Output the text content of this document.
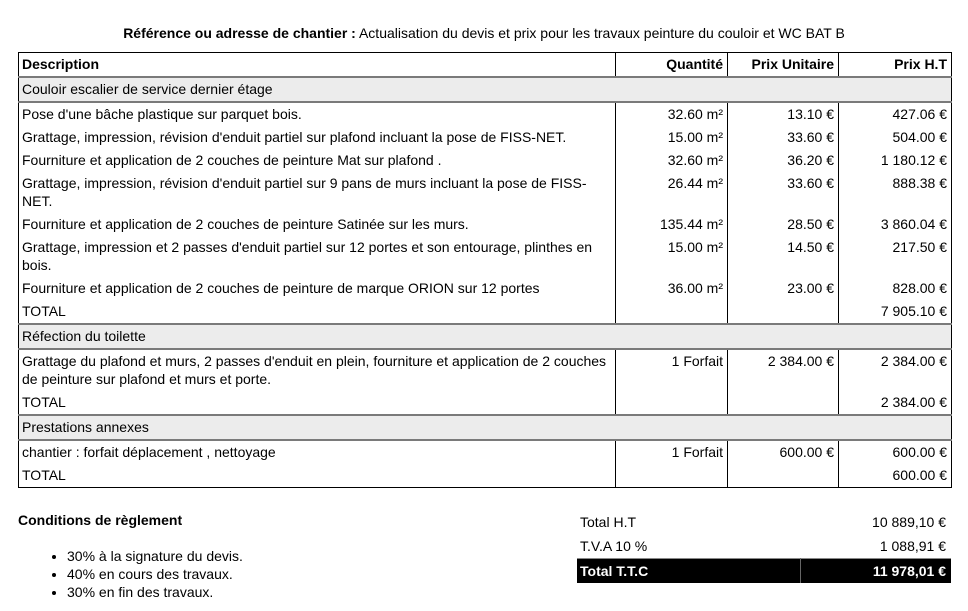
Référence ou adresse de chantier : Actualisation du devis et prix pour les travaux peinture du couloir et WC BAT B
Description	Quantité	Prix Unitaire	Prix H.T
Couloir escalier de service dernier étage			
Pose d'une bâche plastique sur parquet bois.	32.60 m²	13.10 €	427.06 €
Grattage, impression, révision d'enduit partiel sur plafond incluant la pose de FISS-NET.	15.00 m²	33.60 €	504.00 €
Fourniture et application de 2 couches de peinture Mat sur plafond .	32.60 m²	36.20 €	1 180.12 €
Grattage, impression, révision d'enduit partiel sur 9 pans de murs incluant la pose de FISS-NET.	26.44 m²	33.60 €	888.38 €
Fourniture et application de 2 couches de peinture Satinée sur les murs.	135.44 m²	28.50 €	3 860.04 €
Grattage, impression et 2 passes d'enduit partiel sur 12 portes et son entourage, plinthes en bois.	15.00 m²	14.50 €	217.50 €
Fourniture et application de 2 couches de peinture de marque ORION sur 12 portes	36.00 m²	23.00 €	828.00 €
TOTAL			7 905.10 €
Réfection du toilette			
Grattage du plafond et murs, 2 passes d'enduit en plein, fourniture et application de 2 couches de peinture sur plafond et murs et porte.	1 Forfait	2 384.00 €	2 384.00 €
TOTAL			2 384.00 €
Prestations annexes			
chantier : forfait déplacement , nettoyage	1 Forfait	600.00 €	600.00 €
TOTAL			600.00 €
Conditions de règlement
• 30% à la signature du devis.
• 40% en cours des travaux.
• 30% en fin des travaux.
Total H.T	10 889,10 €
T.V.A 10 %	1 088,91 €
Total T.T.C	11 978,01 €
